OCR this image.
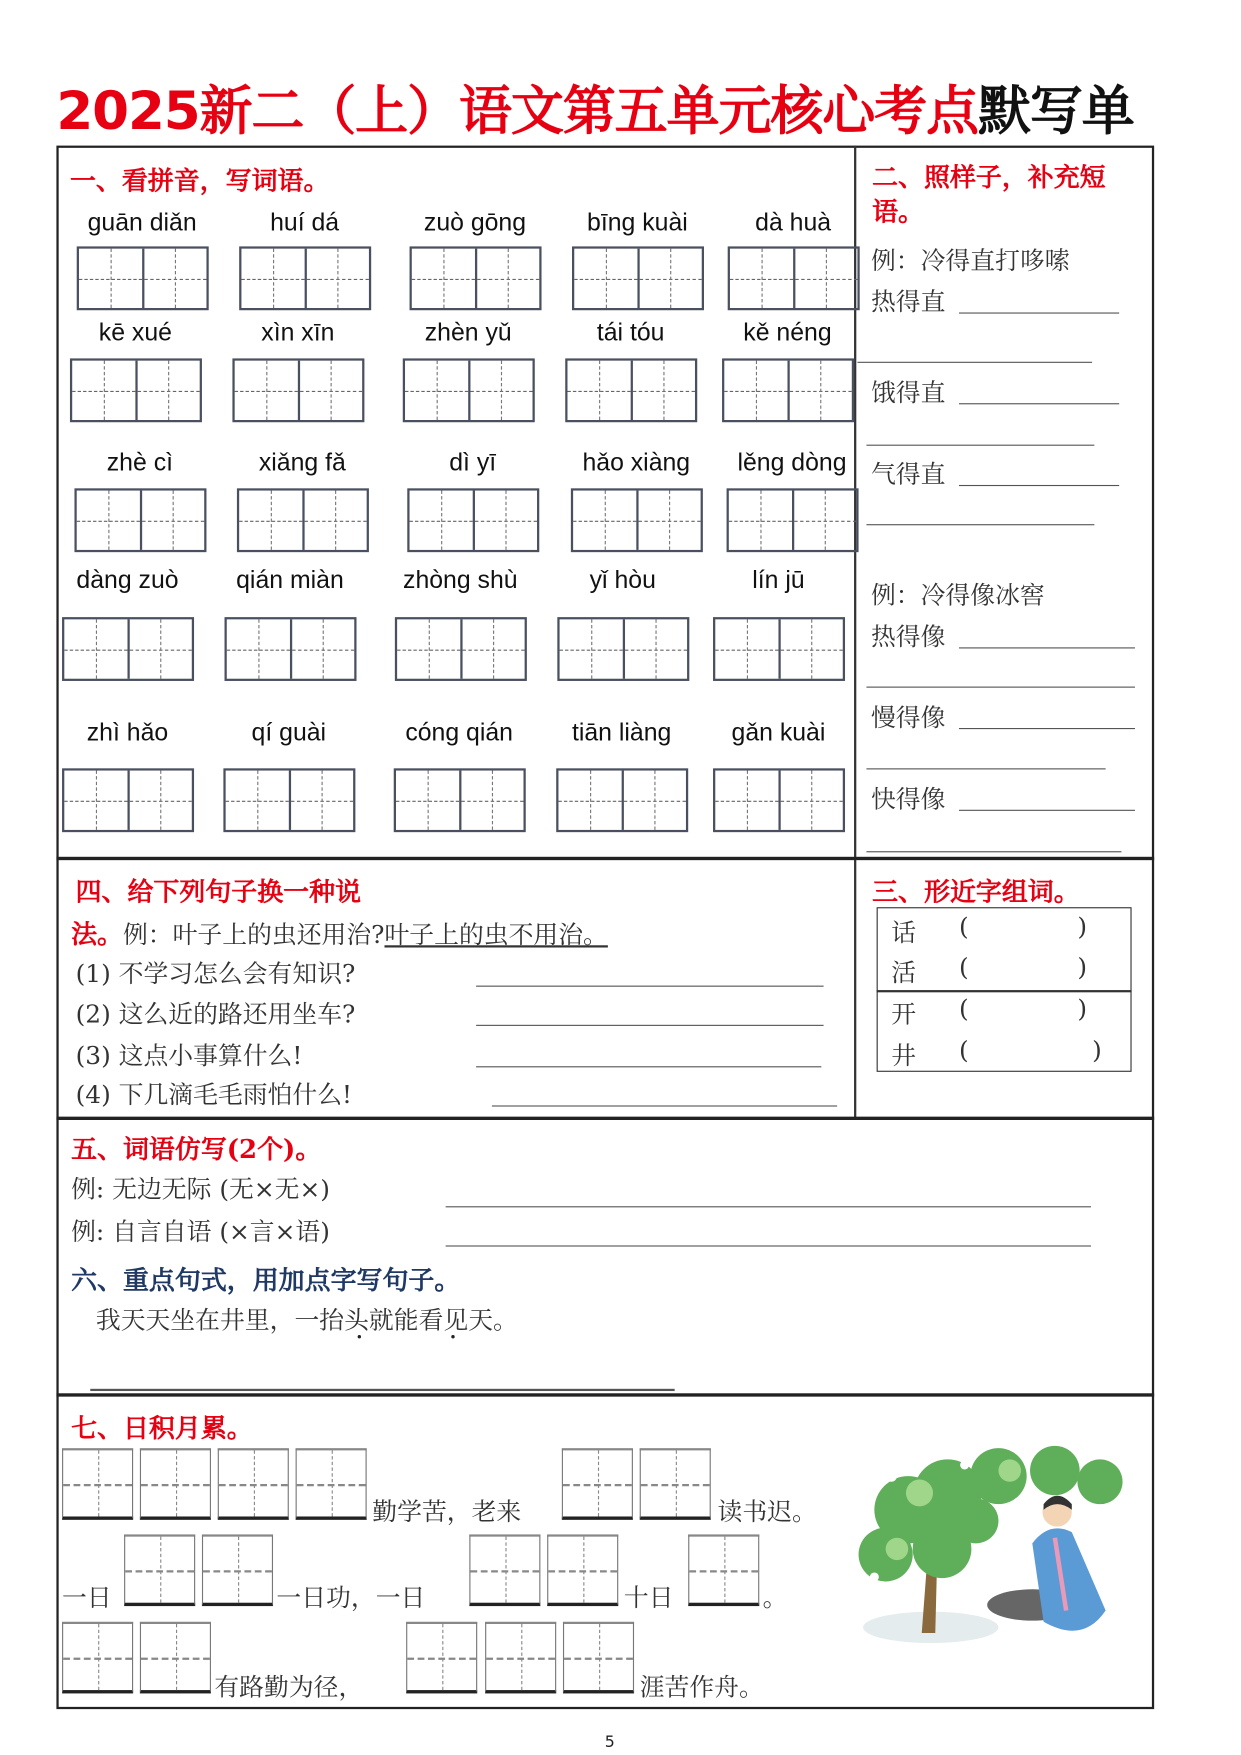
2025新二（上）语文第五单元核心考点默写单
一、看拼音，写词语。
guān diǎn	huí dá	zuò gōng	bīng kuài	dà huà
kē xué	xìn xīn	zhèn yǔ	tái tóu	kě néng
zhè cì	xiǎng fǎ	dì yī	hǎo xiàng	lěng dòng
dàng zuò	qián miàn	zhòng shù	yǐ hòu	lín jū
zhì hǎo	qí guài	cóng qián	tiān liàng	gǎn kuài
二、照样子，补充短
语。
例：冷得直打哆嗦
热得直
饿得直
气得直
例：冷得像冰窖
热得像
慢得像
快得像
四、给下列句子换一种说
法。例：叶子上的虫还用治?叶子上的虫不用治。
(1) 不学习怎么会有知识?
(2) 这么近的路还用坐车?
(3) 这点小事算什么!
(4) 下几滴毛毛雨怕什么!
三、形近字组词。
话 (	)
活 (	)
开 (	)
井 (	)
五、词语仿写(2个)。
例: 无边无际 (无×无×)
例: 自言自语 (×言×语)
六、重点句式，用加点字写句子。
我天天坐在井里，一抬头就能看见天。
七、日积月累。
勤学苦，老来	读书迟。
一日	一日功，一日	十日	。
有路勤为径，	涯苦作舟。
5
